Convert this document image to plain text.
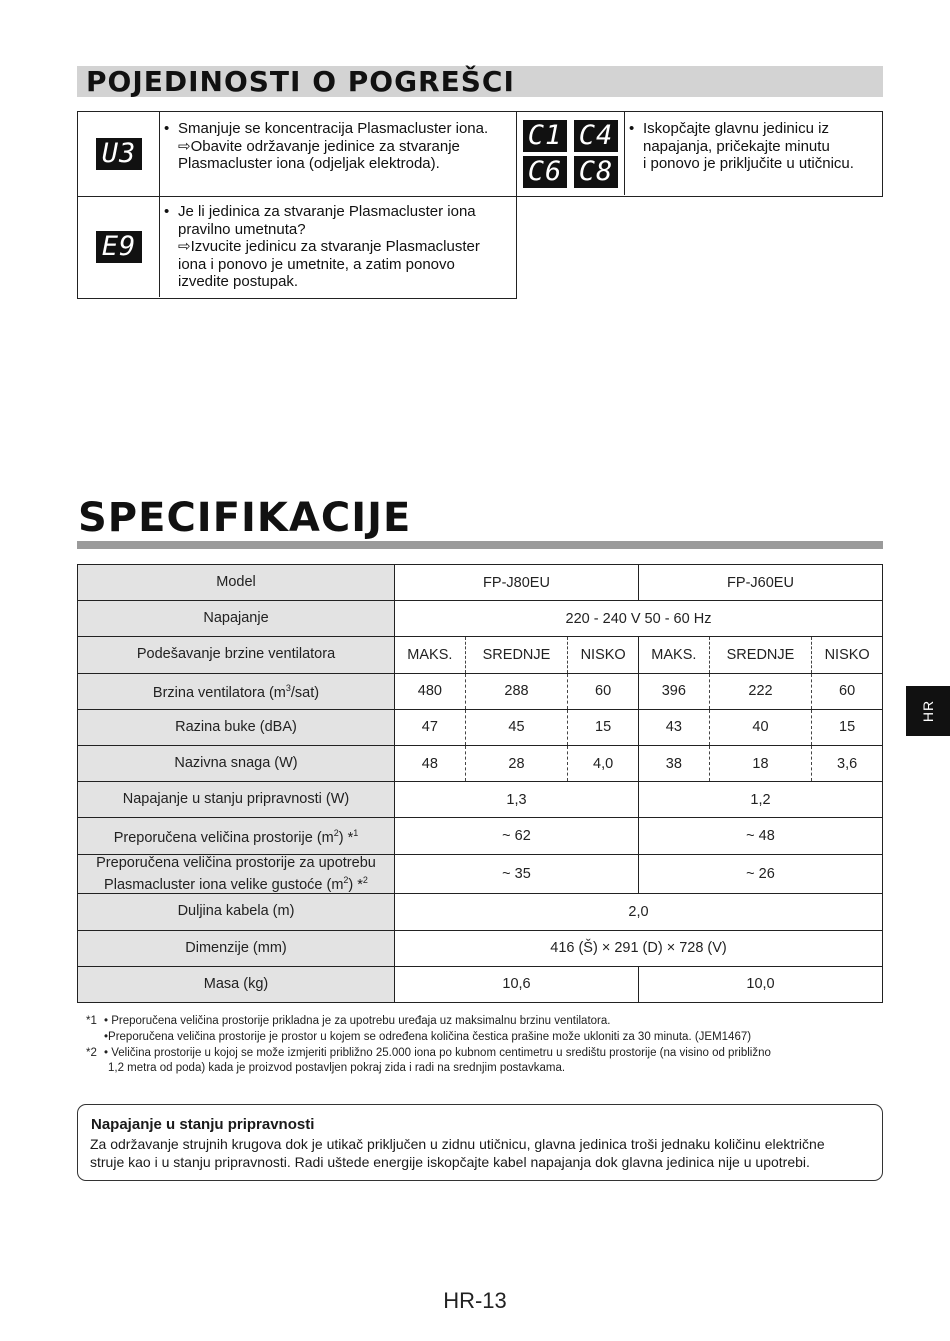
POJEDINOSTI O POGREŠCI
U3
• Smanjuje se koncentracija Plasmacluster iona.
⇨Obavite održavanje jedinice za stvaranje
Plasmacluster iona (odjeljak elektroda).
E9
• Je li jedinica za stvaranje Plasmacluster iona
pravilno umetnuta?
⇨Izvucite jedinicu za stvaranje Plasmacluster
iona i ponovo je umetnite, a zatim ponovo
izvedite postupak.
C1 C4
C6 C8
• Iskopčajte glavnu jedinicu iz
napajanja, pričekajte minutu
i ponovo je priključite u utičnicu.
SPECIFIKACIJE
Model	FP-J80EU			FP-J60EU		
Napajanje	220 - 240 V 50 - 60 Hz					
Podešavanje brzine ventilatora	MAKS.	SREDNJE	NISKO	MAKS.	SREDNJE	NISKO
Brzina ventilatora $(m^3/sat)$	480	288	60	396	222	60
Razina buke (dBA)	47	45	15	43	40	15
Nazivna snaga (W)	48	28	4,0	38	18	3,6
Napajanje u stanju pripravnosti (W)	1,3			1,2		
Preporučena veličina prostorije $(m^2)$ *$^1$	~ 62			~ 48		
Preporučena veličina prostorije za upotrebu
Plasmacluster iona velike gustoće $(m^2)$ *$^2$	~ 35			~ 26		
Duljina kabela (m)	2,0					
Dimenzije (mm)	416 (Š) × 291 (D) × 728 (V)					
Masa (kg)	10,6			10,0		
*1 • Preporučena veličina prostorije prikladna je za upotrebu uređaja uz maksimalnu brzinu ventilatora.
•Preporučena veličina prostorije je prostor u kojem se određena količina čestica prašine može ukloniti za 30 minuta. (JEM1467)
*2 • Veličina prostorije u kojoj se može izmjeriti približno 25.000 iona po kubnom centimetru u središtu prostorije (na visino od približno
1,2 metra od poda) kada je proizvod postavljen pokraj zida i radi na srednjim postavkama.
Napajanje u stanju pripravnosti
Za održavanje strujnih krugova dok je utikač priključen u zidnu utičnicu, glavna jedinica troši jednaku količinu električne
struje kao i u stanju pripravnosti. Radi uštede energije iskopčajte kabel napajanja dok glavna jedinica nije u upotrebi.
HR
HR-13
